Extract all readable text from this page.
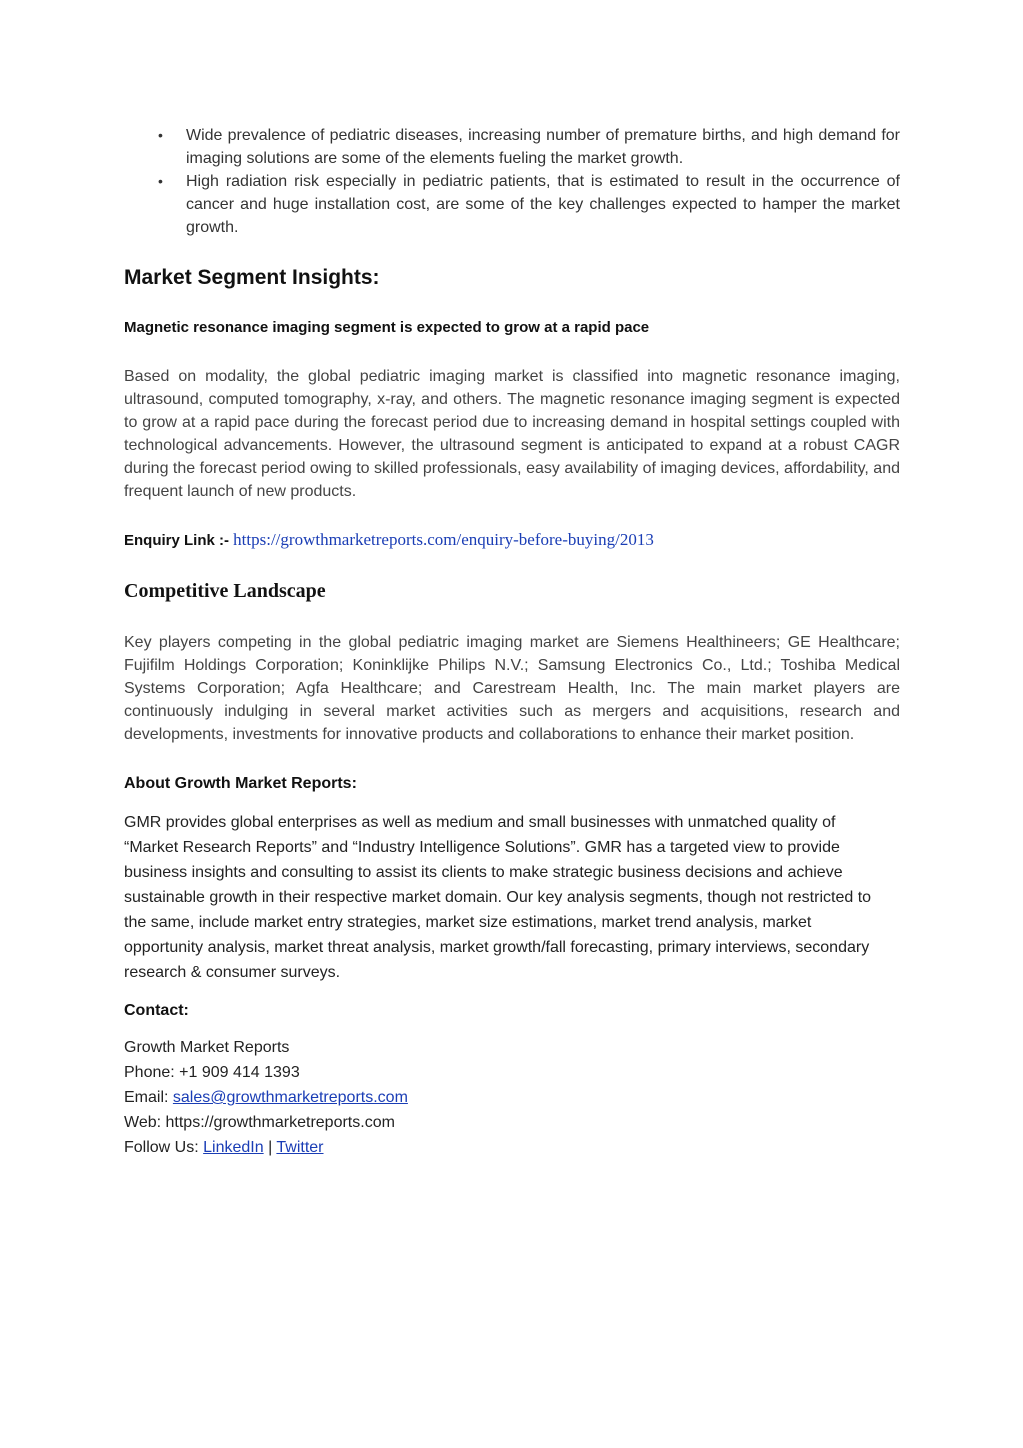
• Wide prevalence of pediatric diseases, increasing number of premature births, and high demand for imaging solutions are some of the elements fueling the market growth.
• High radiation risk especially in pediatric patients, that is estimated to result in the occurrence of cancer and huge installation cost, are some of the key challenges expected to hamper the market growth.
Market Segment Insights:
Magnetic resonance imaging segment is expected to grow at a rapid pace

Based on modality, the global pediatric imaging market is classified into magnetic resonance imaging, ultrasound, computed tomography, x-ray, and others. The magnetic resonance imaging segment is expected to grow at a rapid pace during the forecast period due to increasing demand in hospital settings coupled with technological advancements. However, the ultrasound segment is anticipated to expand at a robust CAGR during the forecast period owing to skilled professionals, easy availability of imaging devices, affordability, and frequent launch of new products.

Enquiry Link :- https://growthmarketreports.com/enquiry-before-buying/2013
Competitive Landscape

Key players competing in the global pediatric imaging market are Siemens Healthineers; GE Healthcare; Fujifilm Holdings Corporation; Koninklijke Philips N.V.; Samsung Electronics Co., Ltd.; Toshiba Medical Systems Corporation; Agfa Healthcare; and Carestream Health, Inc. The main market players are continuously indulging in several market activities such as mergers and acquisitions, research and developments, investments for innovative products and collaborations to enhance their market position.

About Growth Market Reports:

GMR provides global enterprises as well as medium and small businesses with unmatched quality of “Market Research Reports” and “Industry Intelligence Solutions”. GMR has a targeted view to provide business insights and consulting to assist its clients to make strategic business decisions and achieve sustainable growth in their respective market domain. Our key analysis segments, though not restricted to the same, include market entry strategies, market size estimations, market trend analysis, market opportunity analysis, market threat analysis, market growth/fall forecasting, primary interviews, secondary research & consumer surveys.

Contact:
Growth Market Reports
Phone: +1 909 414 1393
Email: sales@growthmarketreports.com
Web: https://growthmarketreports.com
Follow Us: LinkedIn | Twitter
